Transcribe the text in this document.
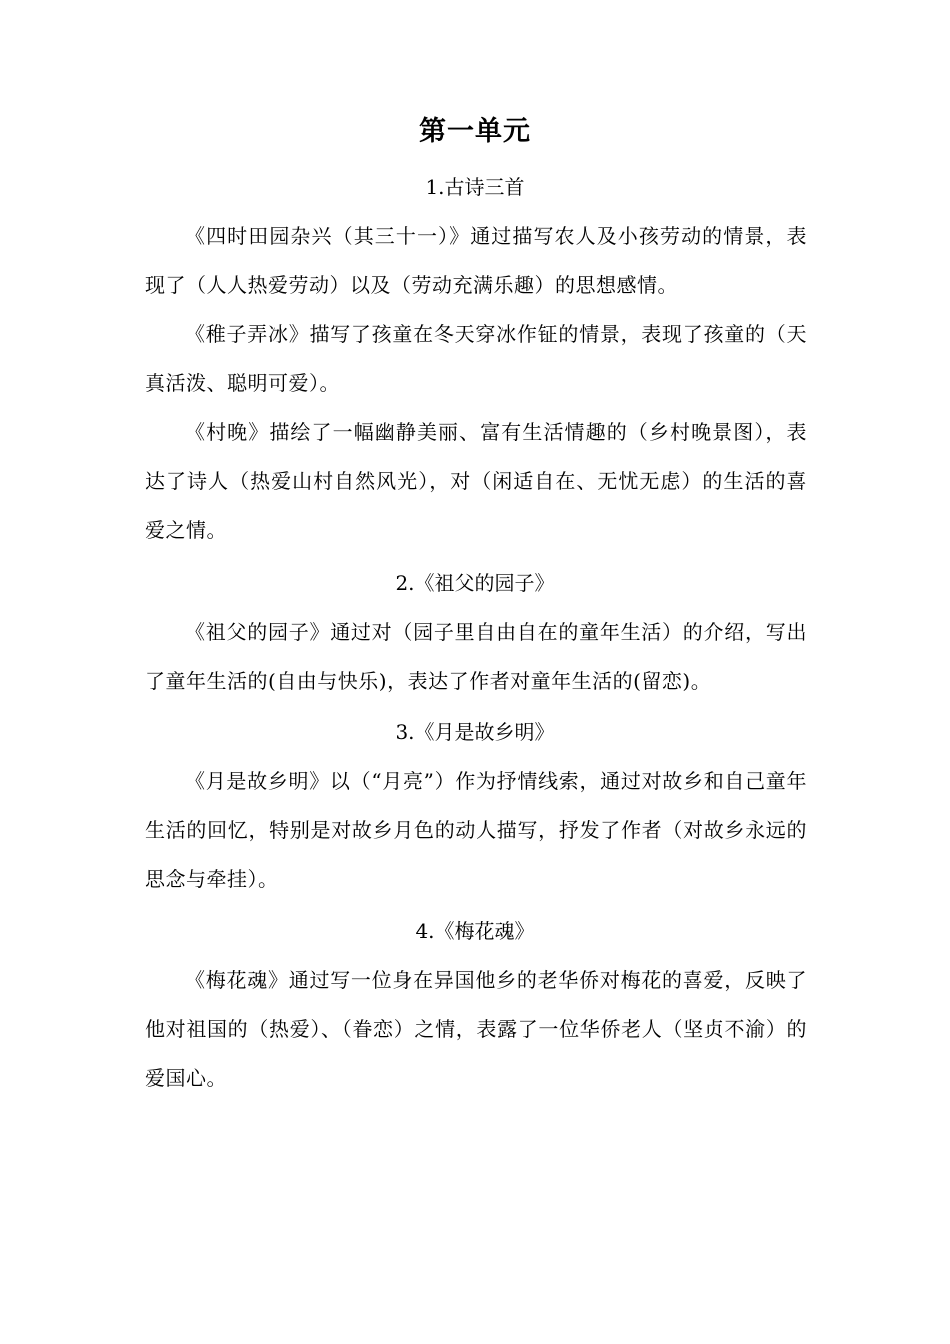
第一单元
1.古诗三首
《四时田园杂兴（其三十一）》通过描写农人及小孩劳动的情景，表现了（人人热爱劳动）以及（劳动充满乐趣）的思想感情。
《稚子弄冰》描写了孩童在冬天穿冰作钲的情景，表现了孩童的（天真活泼、聪明可爱）。
《村晚》描绘了一幅幽静美丽、富有生活情趣的（乡村晚景图），表达了诗人（热爱山村自然风光），对（闲适自在、无忧无虑）的生活的喜爱之情。
2.《祖父的园子》
《祖父的园子》通过对（园子里自由自在的童年生活）的介绍，写出了童年生活的(自由与快乐)，表达了作者对童年生活的(留恋)。
3.《月是故乡明》
《月是故乡明》以（“月亮”）作为抒情线索，通过对故乡和自己童年生活的回忆，特别是对故乡月色的动人描写，抒发了作者（对故乡永远的思念与牵挂）。
4.《梅花魂》
《梅花魂》通过写一位身在异国他乡的老华侨对梅花的喜爱，反映了他对祖国的（热爱）、（眷恋）之情，表露了一位华侨老人（坚贞不渝）的爱国心。
